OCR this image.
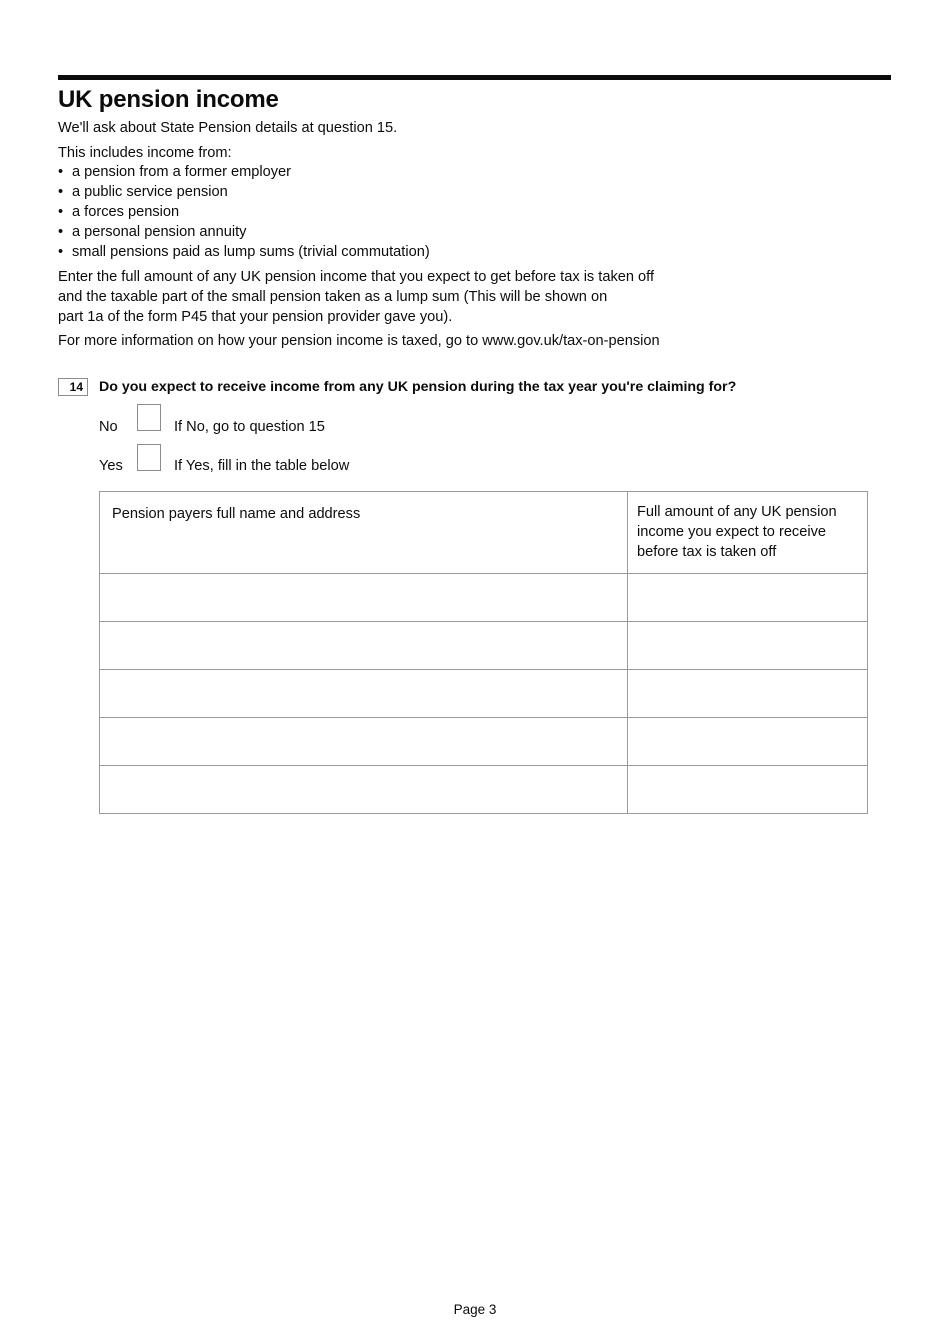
UK pension income

We'll ask about State Pension details at question 15.

This includes income from:

• a pension from a former employer
• a public service pension
• a forces pension
• a personal pension annuity
• small pensions paid as lump sums (trivial commutation)

Enter the full amount of any UK pension income that you expect to get before tax is taken off

and the taxable part of the small pension taken as a lump sum (This will be shown on

part 1a of the form P45 that your pension provider gave you).

For more information on how your pension income is taxed, go to www.gov.uk/tax-on-pension

14	Do you expect to receive income from any UK pension during the tax year you're claiming for?
No	If No, go to question 15
Yes	If Yes, fill in the table below
Pension payers full name and address	Full amount of any UK pension income you expect to receive before tax is taken off
Page 3
